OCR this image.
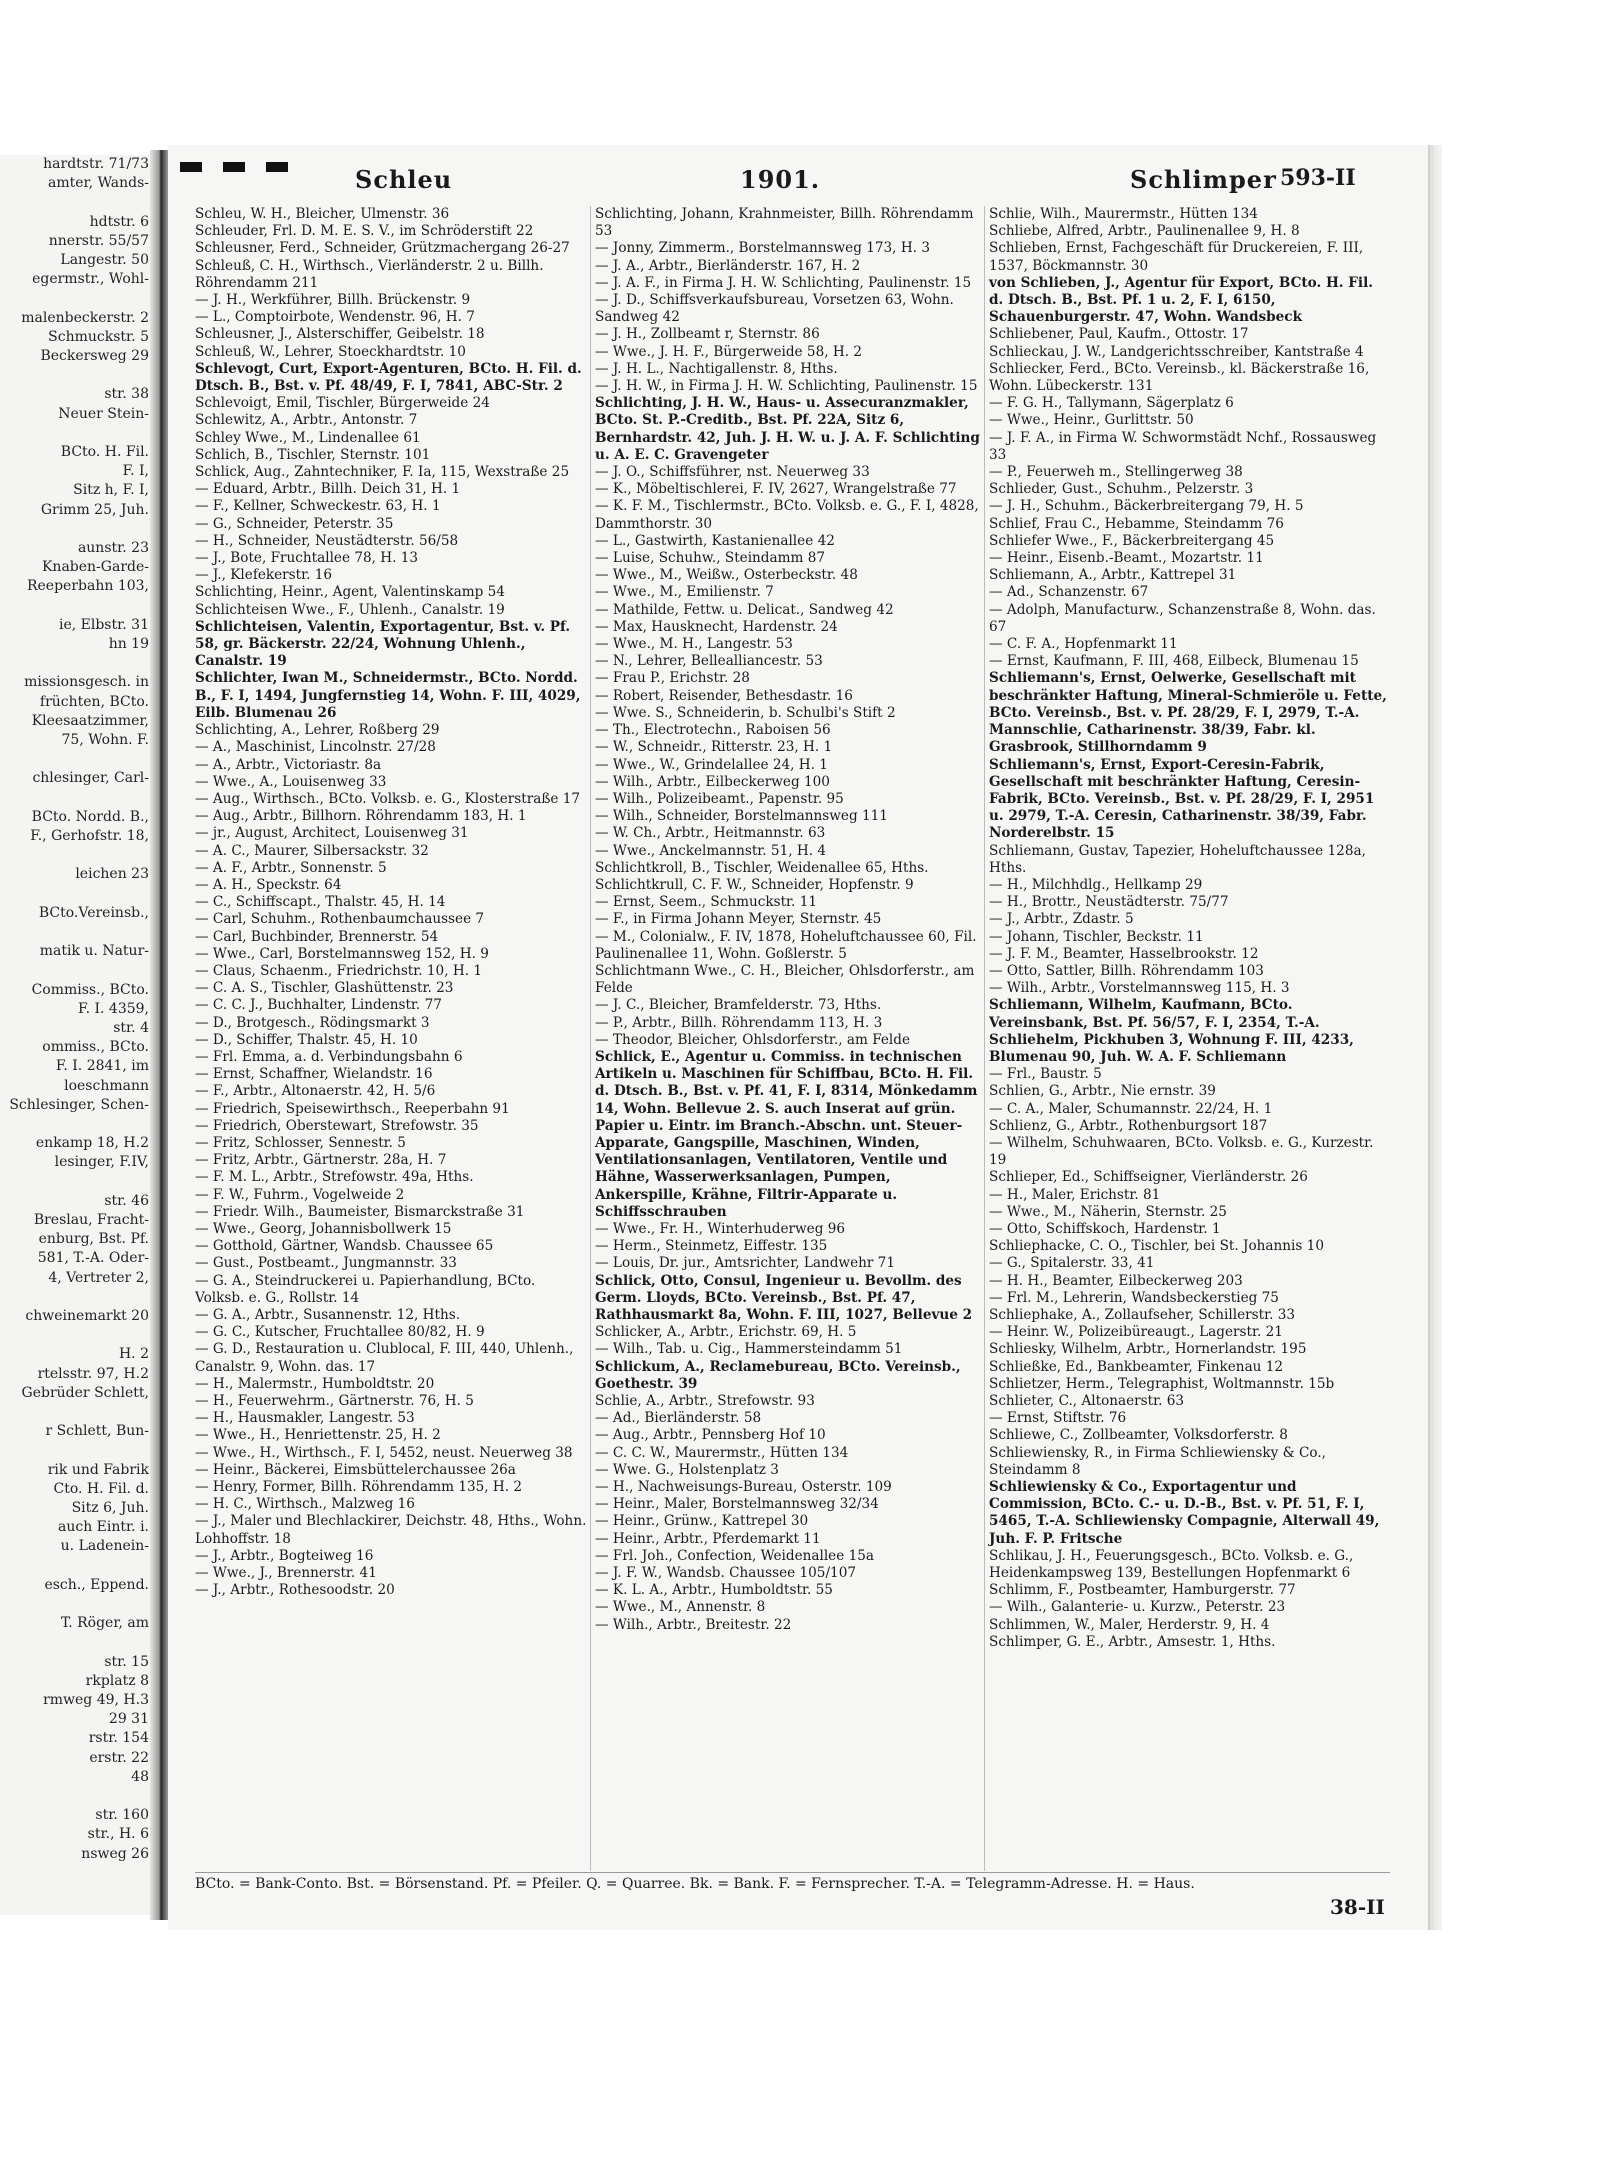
hardtstr. 71/73
amter, Wands-
hdtstr. 6
nnerstr. 55/57
Langestr. 50
egermstr., Wohl-
malenbeckerstr. 2
Schmuckstr. 5
Beckersweg 29
str. 38
Neuer Stein-
BCto. H. Fil.
F. I,
Sitz h, F. I,
Grimm 25, Juh.
aunstr. 23
Knaben-Garde-
Reeperbahn 103,
ie, Elbstr. 31
hn 19
missionsgesch. in
früchten, BCto.
Kleesaatzimmer,
75, Wohn. F.
chlesinger, Carl-
BCto. Nordd. B.,
F., Gerhofstr. 18,
leichen 23
BCto.Vereinsb.,
matik u. Natur-
Commiss., BCto.
F. I. 4359,
str. 4
ommiss., BCto.
F. I. 2841, im
loeschmann
Schlesinger, Schen-
enkamp 18, H.2
lesinger, F.IV,
str. 46
Breslau, Fracht-
enburg, Bst. Pf.
581, T.-A. Oder-
4, Vertreter 2,
chweinemarkt 20
H. 2
rtelsstr. 97, H.2
Gebrüder Schlett,
r Schlett, Bun-
rik und Fabrik
Cto. H. Fil. d.
Sitz 6, Juh.
auch Eintr. i.
u. Ladenein-
esch., Eppend.
T. Röger, am
str. 15
rkplatz 8
rmweg 49, H.3
29 31
rstr. 154
erstr. 22
48
str. 160
str., H. 6
nsweg 26
Schleu	1901.	Schlimper 593-II

Schleu, W. H., Bleicher, Ulmenstr. 36

Schleuder, Frl. D. M. E. S. V., im Schröderstift 22

Schleusner, Ferd., Schneider, Grützmachergang 26-27

Schleuß, C. H., Wirthsch., Vierländerstr. 2 u. Billh. Röhrendamm 211

— J. H., Werkführer, Billh. Brückenstr. 9

— L., Comptoirbote, Wendenstr. 96, H. 7

Schleusner, J., Alsterschiffer, Geibelstr. 18

Schleuß, W., Lehrer, Stoeckhardtstr. 10

Schlevogt, Curt, Export-Agenturen, BCto. H. Fil. d. Dtsch. B., Bst. v. Pf. 48/49, F. I, 7841, ABC-Str. 2

Schlevoigt, Emil, Tischler, Bürgerweide 24

Schlewitz, A., Arbtr., Antonstr. 7

Schley Wwe., M., Lindenallee 61

Schlich, B., Tischler, Sternstr. 101

Schlick, Aug., Zahntechniker, F. Ia, 115, Wexstraße 25

— Eduard, Arbtr., Billh. Deich 31, H. 1

— F., Kellner, Schweckestr. 63, H. 1

— G., Schneider, Peterstr. 35

— H., Schneider, Neustädterstr. 56/58

— J., Bote, Fruchtallee 78, H. 13

— J., Klefekerstr. 16

Schlichting, Heinr., Agent, Valentinskamp 54

Schlichteisen Wwe., F., Uhlenh., Canalstr. 19

Schlichteisen, Valentin, Exportagentur, Bst. v. Pf. 58, gr. Bäckerstr. 22/24, Wohnung Uhlenh., Canalstr. 19

Schlichter, Iwan M., Schneidermstr., BCto. Nordd. B., F. I, 1494, Jungfernstieg 14, Wohn. F. III, 4029, Eilb. Blumenau 26

Schlichting, A., Lehrer, Roßberg 29

— A., Maschinist, Lincolnstr. 27/28

— A., Arbtr., Victoriastr. 8a

— Wwe., A., Louisenweg 33

— Aug., Wirthsch., BCto. Volksb. e. G., Klosterstraße 17

— Aug., Arbtr., Billhorn. Röhrendamm 183, H. 1

— jr., August, Architect, Louisenweg 31

— A. C., Maurer, Silbersackstr. 32

— A. F., Arbtr., Sonnenstr. 5

— A. H., Speckstr. 64

— C., Schiffscapt., Thalstr. 45, H. 14

— Carl, Schuhm., Rothenbaumchaussee 7

— Carl, Buchbinder, Brennerstr. 54

— Wwe., Carl, Borstelmannsweg 152, H. 9

— Claus, Schaenm., Friedrichstr. 10, H. 1

— C. A. S., Tischler, Glashüttenstr. 23

— C. C. J., Buchhalter, Lindenstr. 77

— D., Brotgesch., Rödingsmarkt 3

— D., Schiffer, Thalstr. 45, H. 10

— Frl. Emma, a. d. Verbindungsbahn 6

— Ernst, Schaffner, Wielandstr. 16

— F., Arbtr., Altonaerstr. 42, H. 5/6

— Friedrich, Speisewirthsch., Reeperbahn 91

— Friedrich, Oberstewart, Strefowstr. 35

— Fritz, Schlosser, Sennestr. 5

— Fritz, Arbtr., Gärtnerstr. 28a, H. 7

— F. M. L., Arbtr., Strefowstr. 49a, Hths.

— F. W., Fuhrm., Vogelweide 2

— Friedr. Wilh., Baumeister, Bismarckstraße 31

— Wwe., Georg, Johannisbollwerk 15

— Gotthold, Gärtner, Wandsb. Chaussee 65

— Gust., Postbeamt., Jungmannstr. 33

— G. A., Steindruckerei u. Papierhandlung, BCto. Volksb. e. G., Rollstr. 14

— G. A., Arbtr., Susannenstr. 12, Hths.

— G. C., Kutscher, Fruchtallee 80/82, H. 9

— G. D., Restauration u. Clublocal, F. III, 440, Uhlenh., Canalstr. 9, Wohn. das. 17

— H., Malermstr., Humboldtstr. 20

— H., Feuerwehrm., Gärtnerstr. 76, H. 5

— H., Hausmakler, Langestr. 53

— Wwe., H., Henriettenstr. 25, H. 2

— Wwe., H., Wirthsch., F. I, 5452, neust. Neuerweg 38

— Heinr., Bäckerei, Eimsbüttelerchaussee 26a

— Henry, Former, Billh. Röhrendamm 135, H. 2

— H. C., Wirthsch., Malzweg 16

— J., Maler und Blechlackirer, Deichstr. 48, Hths., Wohn. Lohhoffstr. 18

— J., Arbtr., Bogteiweg 16

— Wwe., J., Brennerstr. 41

— J., Arbtr., Rothesoodstr. 20

Schlichting, Johann, Krahnmeister, Billh. Röhrendamm 53

— Jonny, Zimmerm., Borstelmannsweg 173, H. 3

— J. A., Arbtr., Bierländerstr. 167, H. 2

— J. A. F., in Firma J. H. W. Schlichting, Paulinenstr. 15

— J. D., Schiffsverkaufsbureau, Vorsetzen 63, Wohn. Sandweg 42

— J. H., Zollbeamt r, Sternstr. 86

— Wwe., J. H. F., Bürgerweide 58, H. 2

— J. H. L., Nachtigallenstr. 8, Hths.

— J. H. W., in Firma J. H. W. Schlichting, Paulinenstr. 15

Schlichting, J. H. W., Haus- u. Assecuranzmakler, BCto. St. P.-Creditb., Bst. Pf. 22A, Sitz 6, Bernhardstr. 42, Juh. J. H. W. u. J. A. F. Schlichting u. A. E. C. Gravengeter

— J. O., Schiffsführer, nst. Neuerweg 33

— K., Möbeltischlerei, F. IV, 2627, Wrangelstraße 77

— K. F. M., Tischlermstr., BCto. Volksb. e. G., F. I, 4828, Dammthorstr. 30

— L., Gastwirth, Kastanienallee 42

— Luise, Schuhw., Steindamm 87

— Wwe., M., Weißw., Osterbeckstr. 48

— Wwe., M., Emilienstr. 7

— Mathilde, Fettw. u. Delicat., Sandweg 42

— Max, Hausknecht, Hardenstr. 24

— Wwe., M. H., Langestr. 53

— N., Lehrer, Bellealliancestr. 53

— Frau P., Erichstr. 28

— Robert, Reisender, Bethesdastr. 16

— Wwe. S., Schneiderin, b. Schulbi's Stift 2

— Th., Electrotechn., Raboisen 56

— W., Schneidr., Ritterstr. 23, H. 1

— Wwe., W., Grindelallee 24, H. 1

— Wilh., Arbtr., Eilbeckerweg 100

— Wilh., Polizeibeamt., Papenstr. 95

— Wilh., Schneider, Borstelmannsweg 111

— W. Ch., Arbtr., Heitmannstr. 63

— Wwe., Anckelmannstr. 51, H. 4

Schlichtkroll, B., Tischler, Weidenallee 65, Hths.

Schlichtkrull, C. F. W., Schneider, Hopfenstr. 9

— Ernst, Seem., Schmuckstr. 11

— F., in Firma Johann Meyer, Sternstr. 45

— M., Colonialw., F. IV, 1878, Hoheluftchaussee 60, Fil. Paulinenallee 11, Wohn. Goßlerstr. 5

Schlichtmann Wwe., C. H., Bleicher, Ohlsdorferstr., am Felde

— J. C., Bleicher, Bramfelderstr. 73, Hths.

— P., Arbtr., Billh. Röhrendamm 113, H. 3

— Theodor, Bleicher, Ohlsdorferstr., am Felde

Schlick, E., Agentur u. Commiss. in technischen Artikeln u. Maschinen für Schiffbau, BCto. H. Fil. d. Dtsch. B., Bst. v. Pf. 41, F. I, 8314, Mönkedamm 14, Wohn. Bellevue 2. S. auch Inserat auf grün. Papier u. Eintr. im Branch.-Abschn. unt. Steuer-Apparate, Gangspille, Maschinen, Winden, Ventilationsanlagen, Ventilatoren, Ventile und Hähne, Wasserwerksanlagen, Pumpen, Ankerspille, Krähne, Filtrir-Apparate u. Schiffsschrauben

— Wwe., Fr. H., Winterhuderweg 96

— Herm., Steinmetz, Eiffestr. 135

— Louis, Dr. jur., Amtsrichter, Landwehr 71

Schlick, Otto, Consul, Ingenieur u. Bevollm. des Germ. Lloyds, BCto. Vereinsb., Bst. Pf. 47, Rathhausmarkt 8a, Wohn. F. III, 1027, Bellevue 2

Schlicker, A., Arbtr., Erichstr. 69, H. 5

— Wilh., Tab. u. Cig., Hammersteindamm 51

Schlickum, A., Reclamebureau, BCto. Vereinsb., Goethestr. 39

Schlie, A., Arbtr., Strefowstr. 93

— Ad., Bierländerstr. 58

— Aug., Arbtr., Pennsberg Hof 10

— C. C. W., Maurermstr., Hütten 134

— Wwe. G., Holstenplatz 3

— H., Nachweisungs-Bureau, Osterstr. 109

— Heinr., Maler, Borstelmannsweg 32/34

— Heinr., Grünw., Kattrepel 30

— Heinr., Arbtr., Pferdemarkt 11

— Frl. Joh., Confection, Weidenallee 15a

— J. F. W., Wandsb. Chaussee 105/107

— K. L. A., Arbtr., Humboldtstr. 55

— Wwe., M., Annenstr. 8

— Wilh., Arbtr., Breitestr. 22

Schlie, Wilh., Maurermstr., Hütten 134

Schliebe, Alfred, Arbtr., Paulinenallee 9, H. 8

Schlieben, Ernst, Fachgeschäft für Druckereien, F. III, 1537, Böckmannstr. 30

von Schlieben, J., Agentur für Export, BCto. H. Fil. d. Dtsch. B., Bst. Pf. 1 u. 2, F. I, 6150, Schauenburgerstr. 47, Wohn. Wandsbeck

Schliebener, Paul, Kaufm., Ottostr. 17

Schlieckau, J. W., Landgerichtsschreiber, Kantstraße 4

Schliecker, Ferd., BCto. Vereinsb., kl. Bäckerstraße 16, Wohn. Lübeckerstr. 131

— F. G. H., Tallymann, Sägerplatz 6

— Wwe., Heinr., Gurlittstr. 50

— J. F. A., in Firma W. Schwormstädt Nchf., Rossausweg 33

— P., Feuerweh m., Stellingerweg 38

Schlieder, Gust., Schuhm., Pelzerstr. 3

— J. H., Schuhm., Bäckerbreitergang 79, H. 5

Schlief, Frau C., Hebamme, Steindamm 76

Schliefer Wwe., F., Bäckerbreitergang 45

— Heinr., Eisenb.-Beamt., Mozartstr. 11

Schliemann, A., Arbtr., Kattrepel 31

— Ad., Schanzenstr. 67

— Adolph, Manufacturw., Schanzenstraße 8, Wohn. das. 67

— C. F. A., Hopfenmarkt 11

— Ernst, Kaufmann, F. III, 468, Eilbeck, Blumenau 15

Schliemann's, Ernst, Oelwerke, Gesellschaft mit beschränkter Haftung, Mineral-Schmieröle u. Fette, BCto. Vereinsb., Bst. v. Pf. 28/29, F. I, 2979, T.-A. Mannschlie, Catharinenstr. 38/39, Fabr. kl. Grasbrook, Stillhorndamm 9

Schliemann's, Ernst, Export-Ceresin-Fabrik, Gesellschaft mit beschränkter Haftung, Ceresin-Fabrik, BCto. Vereinsb., Bst. v. Pf. 28/29, F. I, 2951 u. 2979, T.-A. Ceresin, Catharinenstr. 38/39, Fabr. Norderelbstr. 15

Schliemann, Gustav, Tapezier, Hoheluftchaussee 128a, Hths.

— H., Milchhdlg., Hellkamp 29

— H., Brottr., Neustädterstr. 75/77

— J., Arbtr., Zdastr. 5

— Johann, Tischler, Beckstr. 11

— J. F. M., Beamter, Hasselbrookstr. 12

— Otto, Sattler, Billh. Röhrendamm 103

— Wilh., Arbtr., Vorstelmannsweg 115, H. 3

Schliemann, Wilhelm, Kaufmann, BCto. Vereinsbank, Bst. Pf. 56/57, F. I, 2354, T.-A. Schliehelm, Pickhuben 3, Wohnung F. III, 4233, Blumenau 90, Juh. W. A. F. Schliemann

— Frl., Baustr. 5

Schlien, G., Arbtr., Nie ernstr. 39

— C. A., Maler, Schumannstr. 22/24, H. 1

Schlienz, G., Arbtr., Rothenburgsort 187

— Wilhelm, Schuhwaaren, BCto. Volksb. e. G., Kurzestr. 19

Schlieper, Ed., Schiffseigner, Vierländerstr. 26

— H., Maler, Erichstr. 81

— Wwe., M., Näherin, Sternstr. 25

— Otto, Schiffskoch, Hardenstr. 1

Schliephacke, C. O., Tischler, bei St. Johannis 10

— G., Spitalerstr. 33, 41

— H. H., Beamter, Eilbeckerweg 203

— Frl. M., Lehrerin, Wandsbeckerstieg 75

Schliephake, A., Zollaufseher, Schillerstr. 33

— Heinr. W., Polizeibüreaugt., Lagerstr. 21

Schliesky, Wilhelm, Arbtr., Hornerlandstr. 195

Schließke, Ed., Bankbeamter, Finkenau 12

Schlietzer, Herm., Telegraphist, Woltmannstr. 15b

Schlieter, C., Altonaerstr. 63

— Ernst, Stiftstr. 76

Schliewe, C., Zollbeamter, Volksdorferstr. 8

Schliewiensky, R., in Firma Schliewiensky & Co., Steindamm 8

Schliewiensky & Co., Exportagentur und Commission, BCto. C.- u. D.-B., Bst. v. Pf. 51, F. I, 5465, T.-A. Schliewiensky Compagnie, Alterwall 49, Juh. F. P. Fritsche

Schlikau, J. H., Feuerungsgesch., BCto. Volksb. e. G., Heidenkampsweg 139, Bestellungen Hopfenmarkt 6

Schlimm, F., Postbeamter, Hamburgerstr. 77

— Wilh., Galanterie- u. Kurzw., Peterstr. 23

Schlimmen, W., Maler, Herderstr. 9, H. 4

Schlimper, G. E., Arbtr., Amsestr. 1, Hths.

BCto. = Bank-Conto. Bst. = Börsenstand. Pf. = Pfeiler. Q. = Quarree. Bk. = Bank. F. = Fernsprecher. T.-A. = Telegramm-Adresse. H. = Haus.
38-II
